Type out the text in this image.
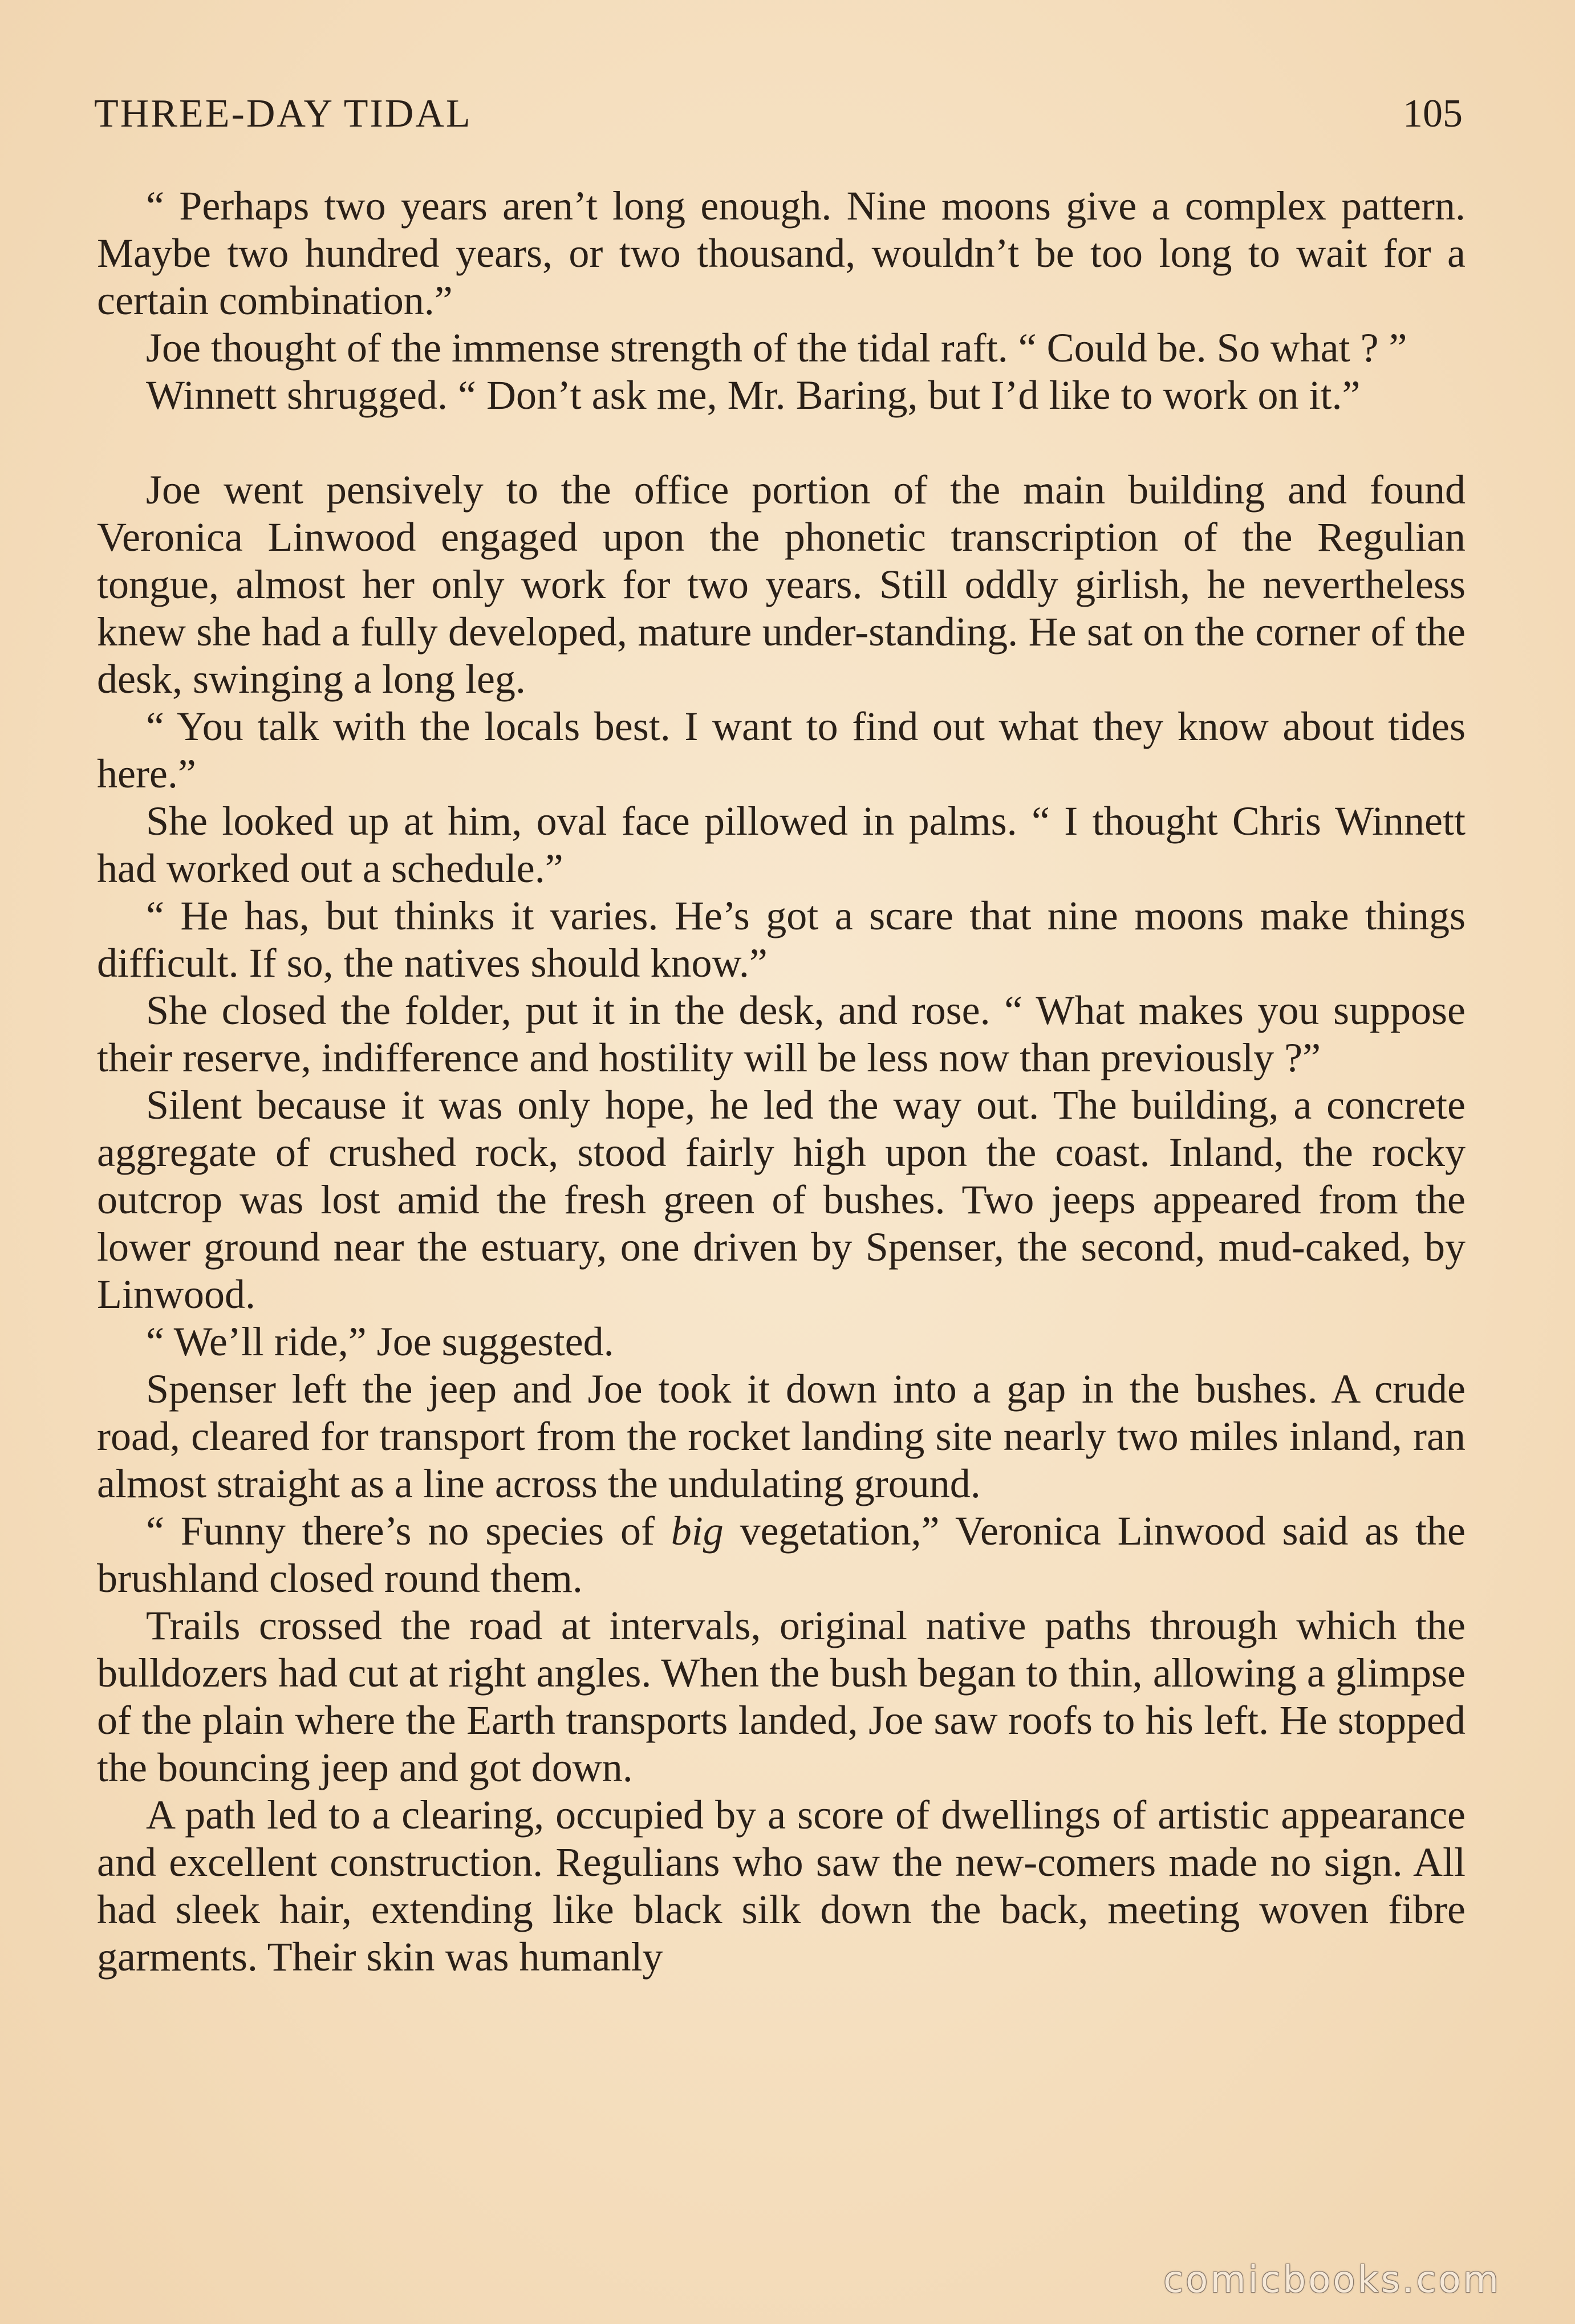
THREE-DAY TIDAL	105

“ Perhaps two years aren’t long enough. Nine moons give a complex pattern. Maybe two hundred years, or two thousand, wouldn’t be too long to wait for a certain combination.”

Joe thought of the immense strength of the tidal raft. “ Could be. So what ? ”

Winnett shrugged. “ Don’t ask me, Mr. Baring, but I’d like to work on it.”

Joe went pensively to the office portion of the main building and found Veronica Linwood engaged upon the phonetic transcription of the Regulian tongue, almost her only work for two years. Still oddly girlish, he nevertheless knew she had a fully developed, mature under-standing. He sat on the corner of the desk, swinging a long leg.

“ You talk with the locals best. I want to find out what they know about tides here.”

She looked up at him, oval face pillowed in palms. “ I thought Chris Winnett had worked out a schedule.”

“ He has, but thinks it varies. He’s got a scare that nine moons make things difficult. If so, the natives should know.”

She closed the folder, put it in the desk, and rose. “ What makes you suppose their reserve, indifference and hostility will be less now than previously ?”

Silent because it was only hope, he led the way out. The building, a concrete aggregate of crushed rock, stood fairly high upon the coast. Inland, the rocky outcrop was lost amid the fresh green of bushes. Two jeeps appeared from the lower ground near the estuary, one driven by Spenser, the second, mud-caked, by Linwood.

“ We’ll ride,” Joe suggested.

Spenser left the jeep and Joe took it down into a gap in the bushes. A crude road, cleared for transport from the rocket landing site nearly two miles inland, ran almost straight as a line across the undulating ground.

“ Funny there’s no species of big vegetation,” Veronica Linwood said as the brushland closed round them.

Trails crossed the road at intervals, original native paths through which the bulldozers had cut at right angles. When the bush began to thin, allowing a glimpse of the plain where the Earth transports landed, Joe saw roofs to his left. He stopped the bouncing jeep and got down.

A path led to a clearing, occupied by a score of dwellings of artistic appearance and excellent construction. Regulians who saw the new-comers made no sign. All had sleek hair, extending like black silk down the back, meeting woven fibre garments. Their skin was humanly

comicbooks.com
